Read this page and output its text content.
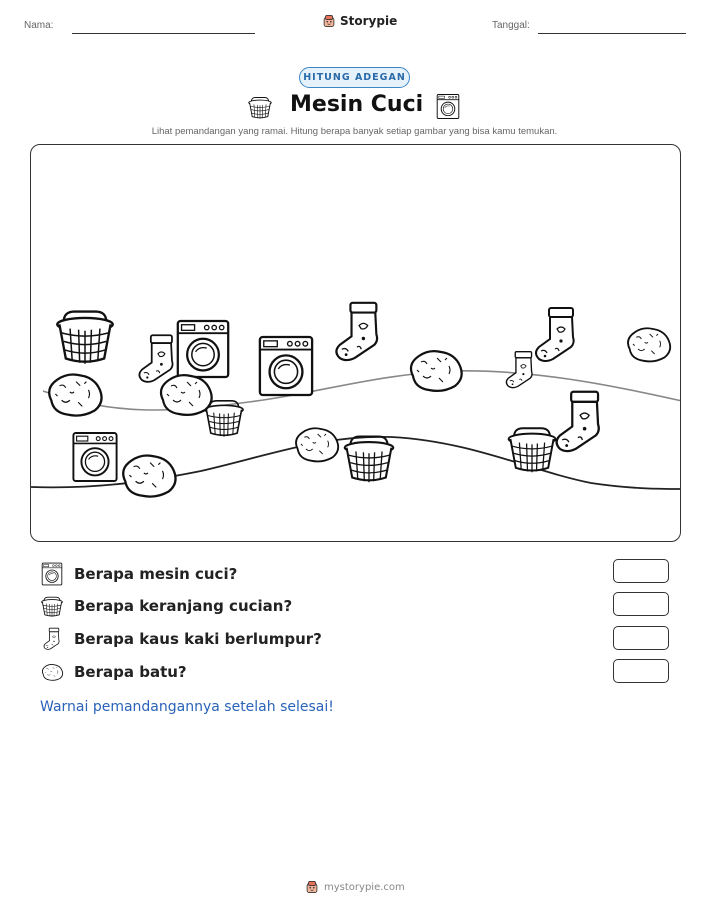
Nama:	Storypie	Tanggal:
HITUNG ADEGAN
Mesin Cuci
Lihat pemandangan yang ramai. Hitung berapa banyak setiap gambar yang bisa kamu temukan.
Berapa mesin cuci?
Berapa keranjang cucian?
Berapa kaus kaki berlumpur?
Berapa batu?
Warnai pemandangannya setelah selesai!
mystorypie.com
